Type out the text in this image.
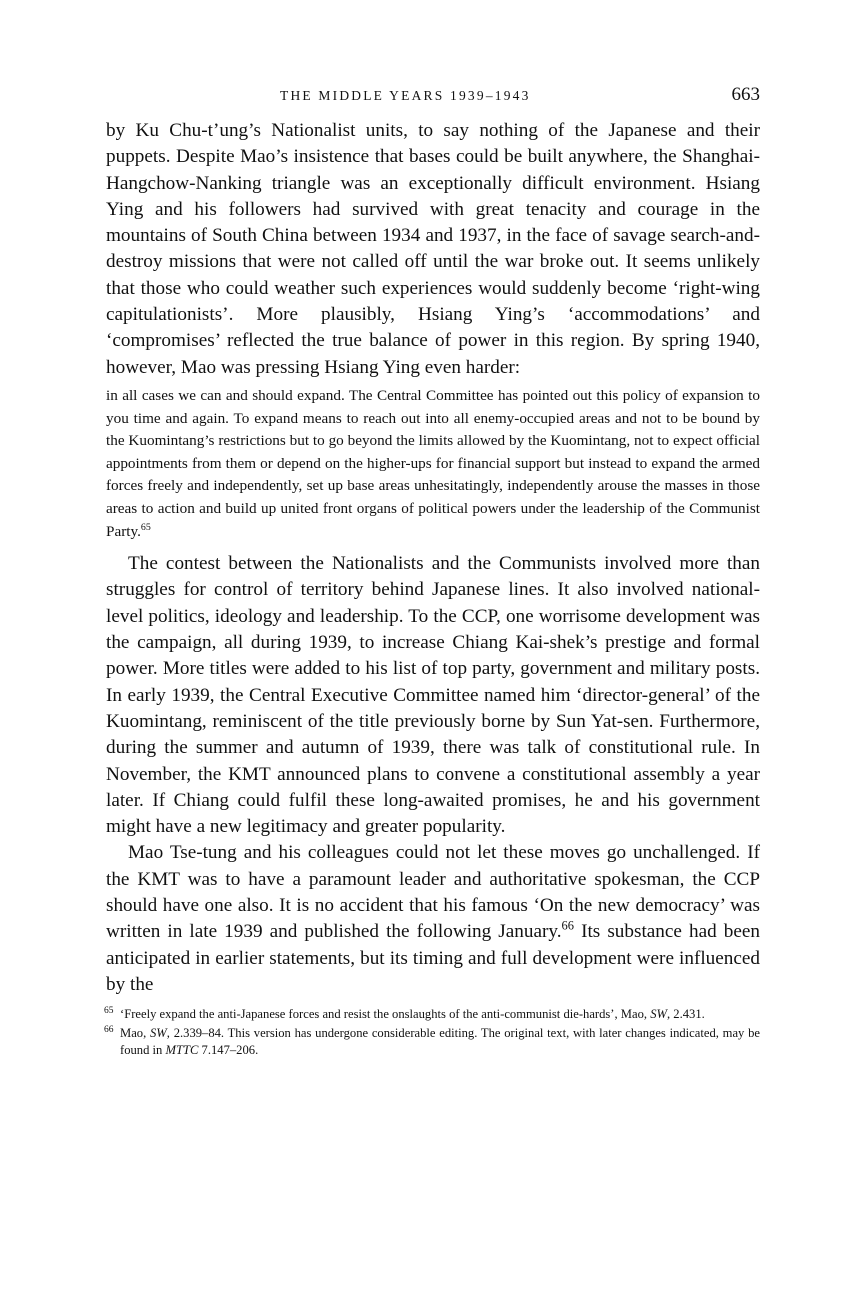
THE MIDDLE YEARS 1939–1943	663

by Ku Chu-t’ung’s Nationalist units, to say nothing of the Japanese and their puppets. Despite Mao’s insistence that bases could be built anywhere, the Shanghai-Hangchow-Nanking triangle was an exceptionally difficult environment. Hsiang Ying and his followers had survived with great tenacity and courage in the mountains of South China between 1934 and 1937, in the face of savage search-and-destroy missions that were not called off until the war broke out. It seems unlikely that those who could weather such experiences would suddenly become ‘right-wing capitulationists’. More plausibly, Hsiang Ying’s ‘accommodations’ and ‘compromises’ reflected the true balance of power in this region. By spring 1940, however, Mao was pressing Hsiang Ying even harder:

in all cases we can and should expand. The Central Committee has pointed out this policy of expansion to you time and again. To expand means to reach out into all enemy-occupied areas and not to be bound by the Kuomintang’s restrictions but to go beyond the limits allowed by the Kuomintang, not to expect official appointments from them or depend on the higher-ups for financial support but instead to expand the armed forces freely and independently, set up base areas unhesitatingly, independently arouse the masses in those areas to action and build up united front organs of political powers under the leadership of the Communist Party.$^{65}$

The contest between the Nationalists and the Communists involved more than struggles for control of territory behind Japanese lines. It also involved national-level politics, ideology and leadership. To the CCP, one worrisome development was the campaign, all during 1939, to increase Chiang Kai-shek’s prestige and formal power. More titles were added to his list of top party, government and military posts. In early 1939, the Central Executive Committee named him ‘director-general’ of the Kuomintang, reminiscent of the title previously borne by Sun Yat-sen. Furthermore, during the summer and autumn of 1939, there was talk of constitutional rule. In November, the KMT announced plans to convene a constitutional assembly a year later. If Chiang could fulfil these long-awaited promises, he and his government might have a new legitimacy and greater popularity.

Mao Tse-tung and his colleagues could not let these moves go unchallenged. If the KMT was to have a paramount leader and authoritative spokesman, the CCP should have one also. It is no accident that his famous ‘On the new democracy’ was written in late 1939 and published the following January.$^{66}$ Its substance had been anticipated in earlier statements, but its timing and full development were influenced by the

65 ‘Freely expand the anti-Japanese forces and resist the onslaughts of the anti-communist die-hards’, Mao, SW, 2.431.

66 Mao, SW, 2.339–84. This version has undergone considerable editing. The original text, with later changes indicated, may be found in MTTC 7.147–206.
